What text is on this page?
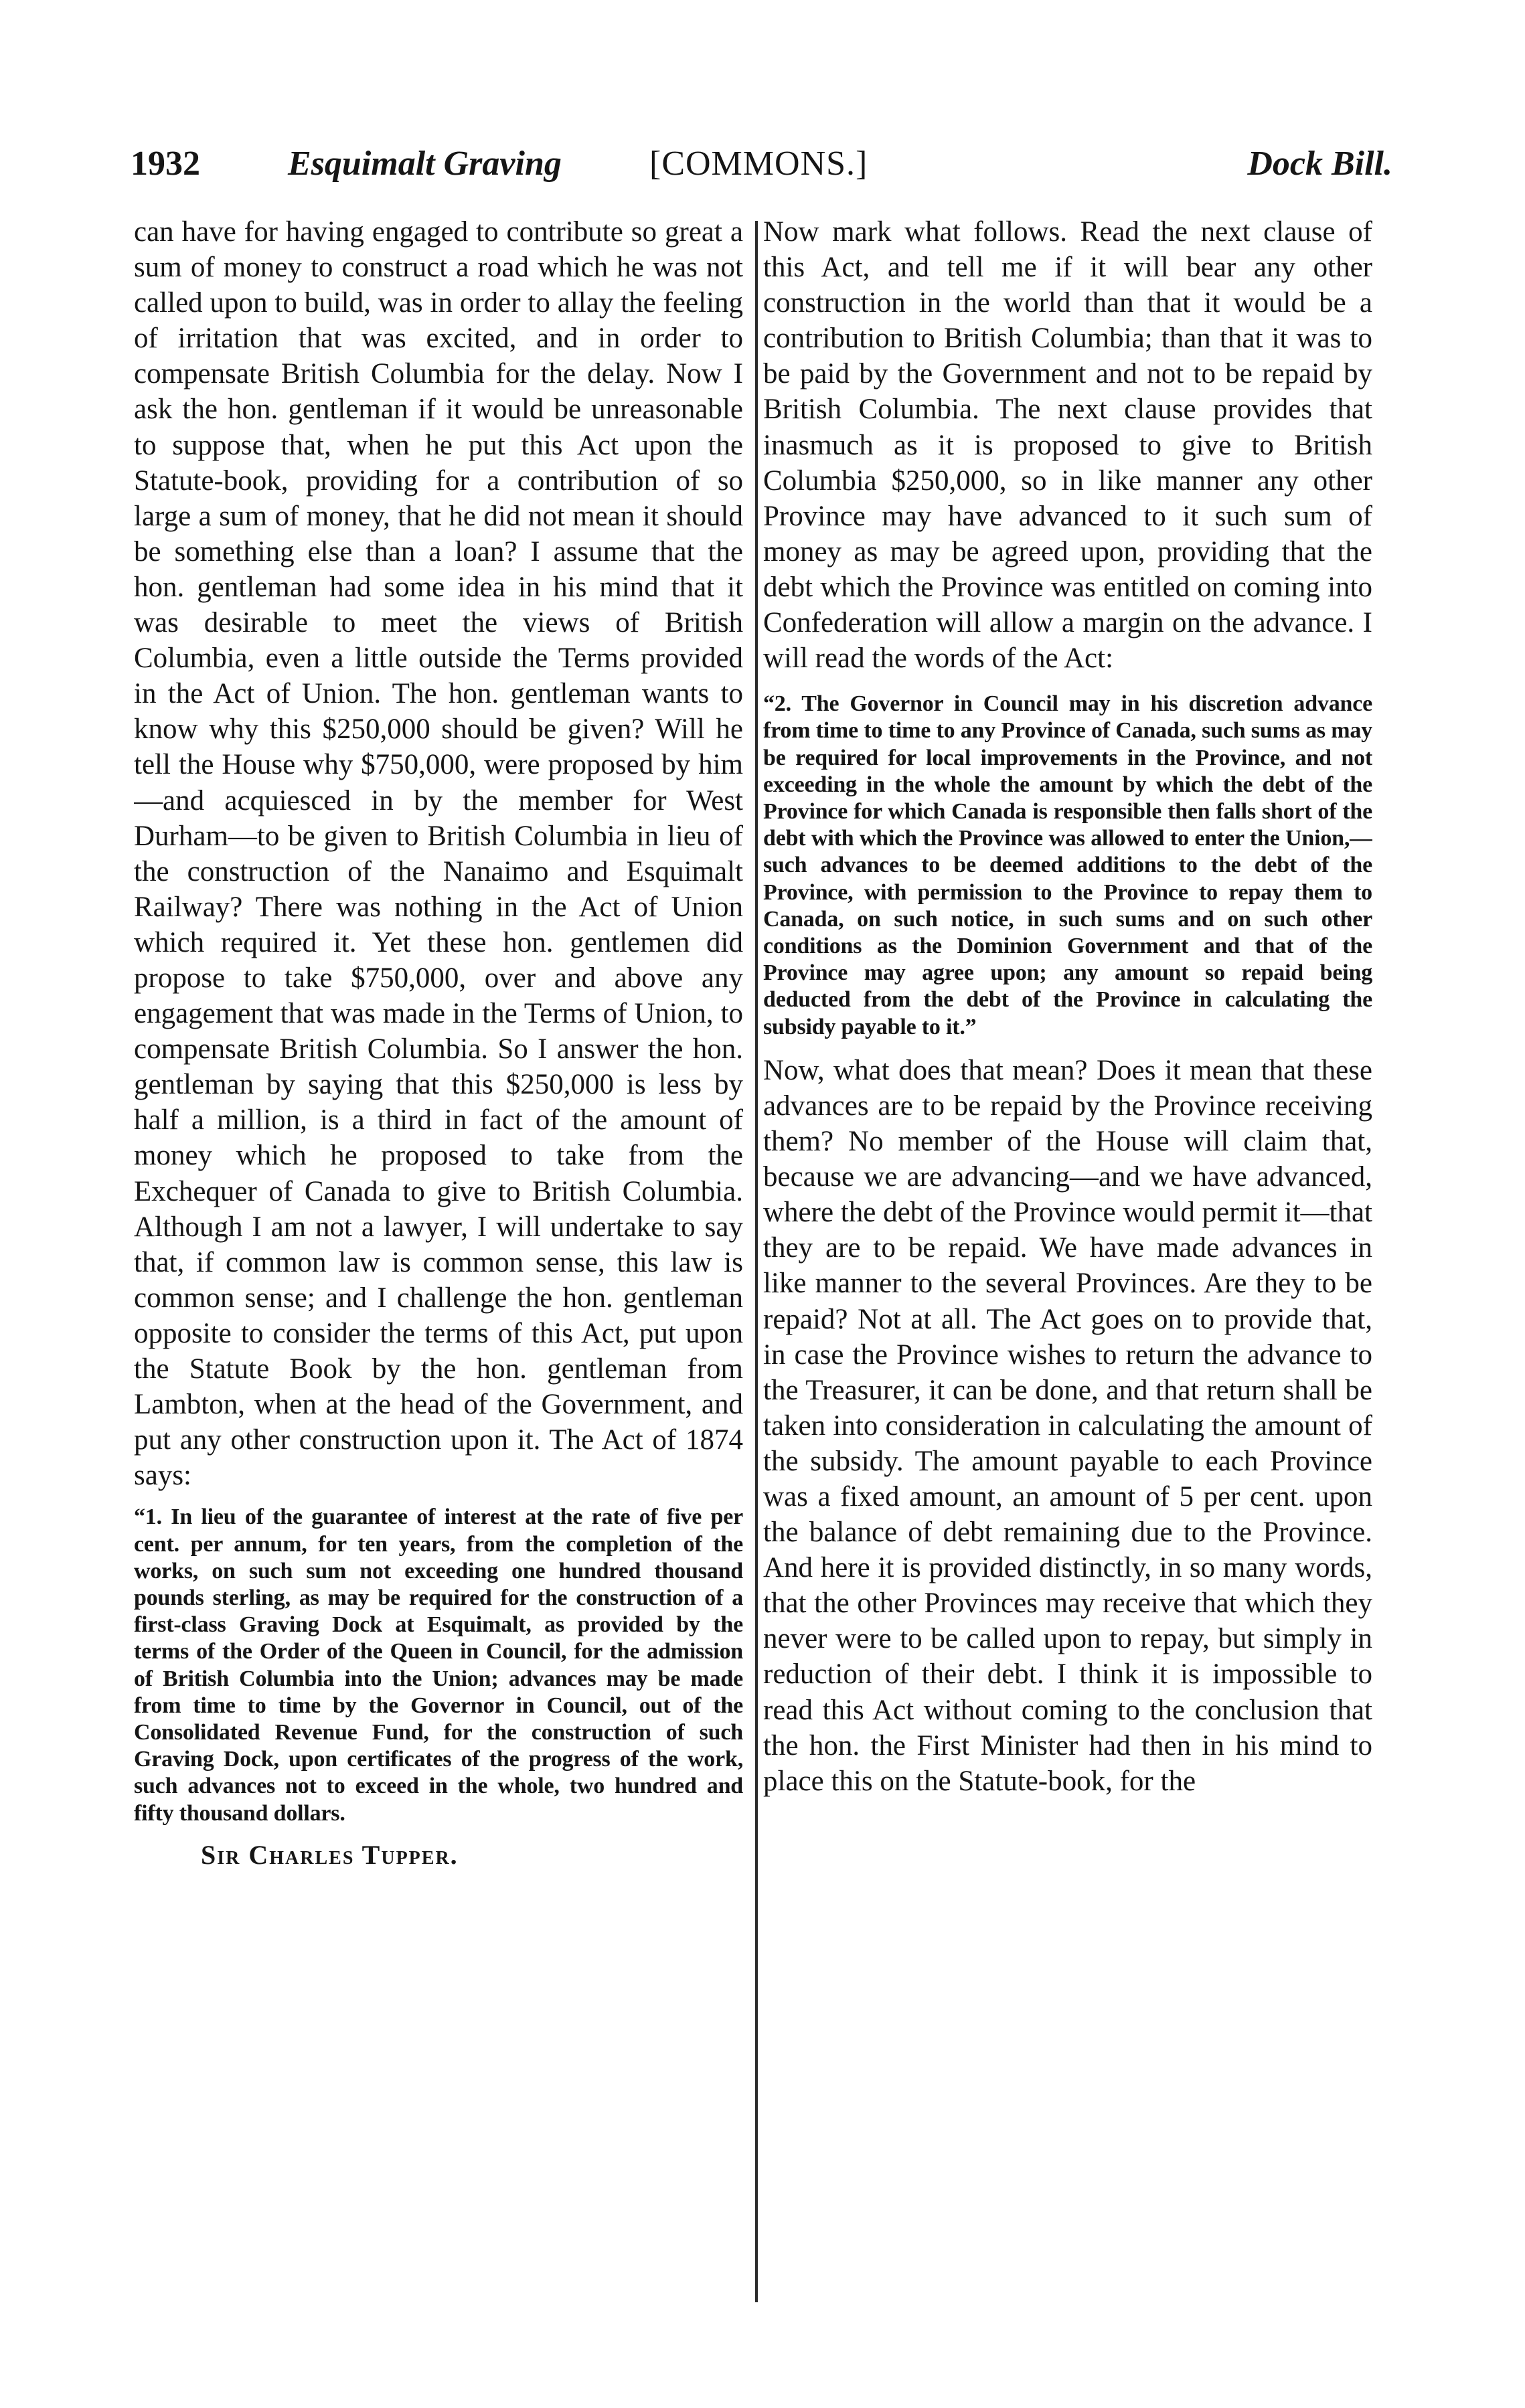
1932	Esquimalt Graving	[COMMONS.]	Dock Bill.

can have for having engaged to contribute so great a sum of money to construct a road which he was not called upon to build, was in order to allay the feeling of irritation that was excited, and in order to compensate British Columbia for the delay. Now I ask the hon. gentleman if it would be unreasonable to suppose that, when he put this Act upon the Statute-book, providing for a contribution of so large a sum of money, that he did not mean it should be something else than a loan? I assume that the hon. gentleman had some idea in his mind that it was desirable to meet the views of British Columbia, even a little outside the Terms provided in the Act of Union. The hon. gentleman wants to know why this $250,000 should be given? Will he tell the House why $750,000, were proposed by him—and acquiesced in by the member for West Durham—to be given to British Columbia in lieu of the construction of the Nanaimo and Esquimalt Railway? There was nothing in the Act of Union which required it. Yet these hon. gentlemen did propose to take $750,000, over and above any engagement that was made in the Terms of Union, to compensate British Columbia. So I answer the hon. gentleman by saying that this $250,000 is less by half a million, is a third in fact of the amount of money which he proposed to take from the Exchequer of Canada to give to British Columbia. Although I am not a lawyer, I will undertake to say that, if common law is common sense, this law is common sense; and I challenge the hon. gentleman opposite to consider the terms of this Act, put upon the Statute Book by the hon. gentleman from Lambton, when at the head of the Government, and put any other construction upon it. The Act of 1874 says:

“1. In lieu of the guarantee of interest at the rate of five per cent. per annum, for ten years, from the completion of the works, on such sum not exceeding one hundred thousand pounds sterling, as may be required for the construction of a first-class Graving Dock at Esquimalt, as provided by the terms of the Order of the Queen in Council, for the admission of British Columbia into the Union; advances may be made from time to time by the Governor in Council, out of the Consolidated Revenue Fund, for the construction of such Graving Dock, upon certificates of the progress of the work, such advances not to exceed in the whole, two hundred and fifty thousand dollars.

Sir Charles Tupper.

Now mark what follows. Read the next clause of this Act, and tell me if it will bear any other construction in the world than that it would be a contribution to British Columbia; than that it was to be paid by the Government and not to be repaid by British Columbia. The next clause provides that inasmuch as it is proposed to give to British Columbia $250,000, so in like manner any other Province may have advanced to it such sum of money as may be agreed upon, providing that the debt which the Province was entitled on coming into Confederation will allow a margin on the advance. I will read the words of the Act:

“2. The Governor in Council may in his discretion advance from time to time to any Province of Canada, such sums as may be required for local improvements in the Province, and not exceeding in the whole the amount by which the debt of the Province for which Canada is responsible then falls short of the debt with which the Province was allowed to enter the Union,—such advances to be deemed additions to the debt of the Province, with permission to the Province to repay them to Canada, on such notice, in such sums and on such other conditions as the Dominion Government and that of the Province may agree upon; any amount so repaid being deducted from the debt of the Province in calculating the subsidy payable to it.”

Now, what does that mean? Does it mean that these advances are to be repaid by the Province receiving them? No member of the House will claim that, because we are advancing—and we have advanced, where the debt of the Province would permit it—that they are to be repaid. We have made advances in like manner to the several Provinces. Are they to be repaid? Not at all. The Act goes on to provide that, in case the Province wishes to return the advance to the Treasurer, it can be done, and that return shall be taken into consideration in calculating the amount of the subsidy. The amount payable to each Province was a fixed amount, an amount of 5 per cent. upon the balance of debt remaining due to the Province. And here it is provided distinctly, in so many words, that the other Provinces may receive that which they never were to be called upon to repay, but simply in reduction of their debt. I think it is impossible to read this Act without coming to the conclusion that the hon. the First Minister had then in his mind to place this on the Statute-book, for the
